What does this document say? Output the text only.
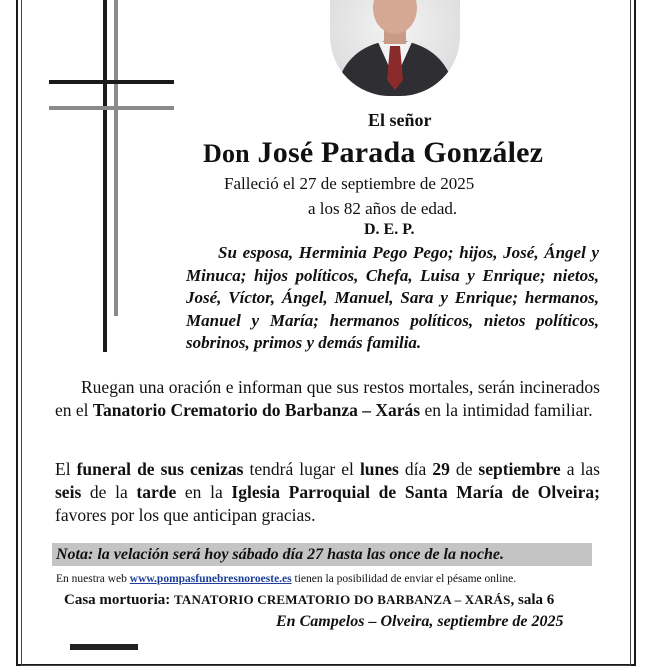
El señor
Don José Parada González
Falleció el 27 de septiembre de 2025
a los 82 años de edad.
D. E. P.
Su esposa, Herminia Pego Pego; hijos, José, Ángel y Minuca; hijos políticos, Chefa, Luisa y Enrique; nietos, José, Víctor, Ángel, Manuel, Sara y Enrique; hermanos, Manuel y María; hermanos políticos, nietos políticos, sobrinos, primos y demás familia.
Ruegan una oración e informan que sus restos mortales, serán incinerados en el Tanatorio Crematorio do Barbanza – Xarás en la intimidad familiar.
El funeral de sus cenizas tendrá lugar el lunes día 29 de septiembre a las seis de la tarde en la Iglesia Parroquial de Santa María de Olveira; favores por los que anticipan gracias.
Nota: la velación será hoy sábado día 27 hasta las once de la noche.
En nuestra web www.pompasfunebresnoroeste.es tienen la posibilidad de enviar el pésame online.
Casa mortuoria: TANATORIO CREMATORIO DO BARBANZA – XARÁS, sala 6
En Campelos – Olveira, septiembre de 2025
